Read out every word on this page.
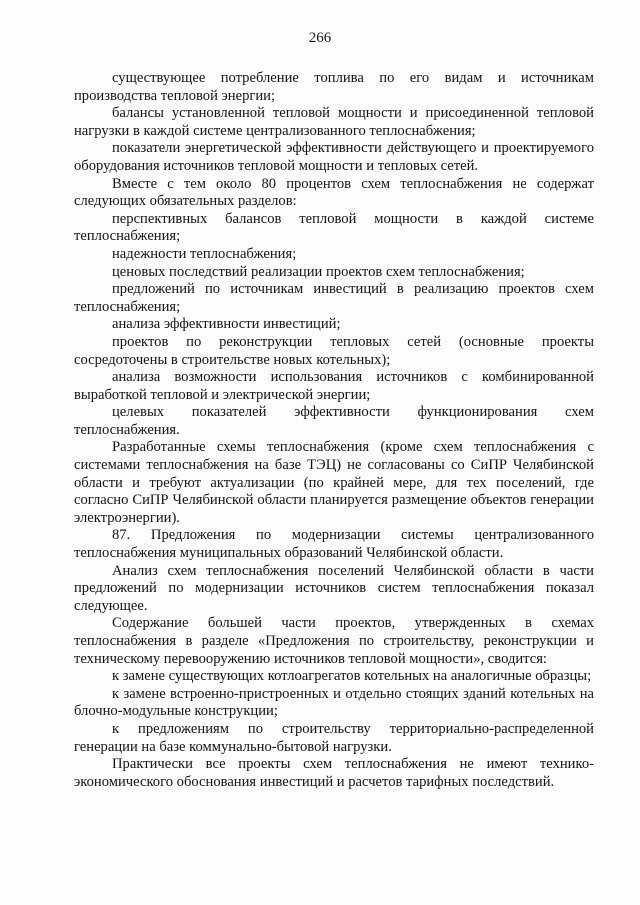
266

существующее потребление топлива по его видам и источникам производства тепловой энергии;

балансы установленной тепловой мощности и присоединенной тепловой нагрузки в каждой системе централизованного теплоснабжения;

показатели энергетической эффективности действующего и проектируемого оборудования источников тепловой мощности и тепловых сетей.

Вместе с тем около 80 процентов схем теплоснабжения не содержат следующих обязательных разделов:

перспективных балансов тепловой мощности в каждой системе теплоснабжения;

надежности теплоснабжения;

ценовых последствий реализации проектов схем теплоснабжения;

предложений по источникам инвестиций в реализацию проектов схем теплоснабжения;

анализа эффективности инвестиций;

проектов по реконструкции тепловых сетей (основные проекты сосредоточены в строительстве новых котельных);

анализа возможности использования источников с комбинированной выработкой тепловой и электрической энергии;

целевых показателей эффективности функционирования схем теплоснабжения.

Разработанные схемы теплоснабжения (кроме схем теплоснабжения с системами теплоснабжения на базе ТЭЦ) не согласованы со СиПР Челябинской области и требуют актуализации (по крайней мере, для тех поселений, где согласно СиПР Челябинской области планируется размещение объектов генерации электроэнергии).

87. Предложения по модернизации системы централизованного теплоснабжения муниципальных образований Челябинской области.

Анализ схем теплоснабжения поселений Челябинской области в части предложений по модернизации источников систем теплоснабжения показал следующее.

Содержание большей части проектов, утвержденных в схемах теплоснабжения в разделе «Предложения по строительству, реконструкции и техническому перевооружению источников тепловой мощности», сводится:

к замене существующих котлоагрегатов котельных на аналогичные образцы;

к замене встроенно-пристроенных и отдельно стоящих зданий котельных на блочно-модульные конструкции;

к предложениям по строительству территориально-распределенной генерации на базе коммунально-бытовой нагрузки.

Практически все проекты схем теплоснабжения не имеют технико-экономического обоснования инвестиций и расчетов тарифных последствий.
